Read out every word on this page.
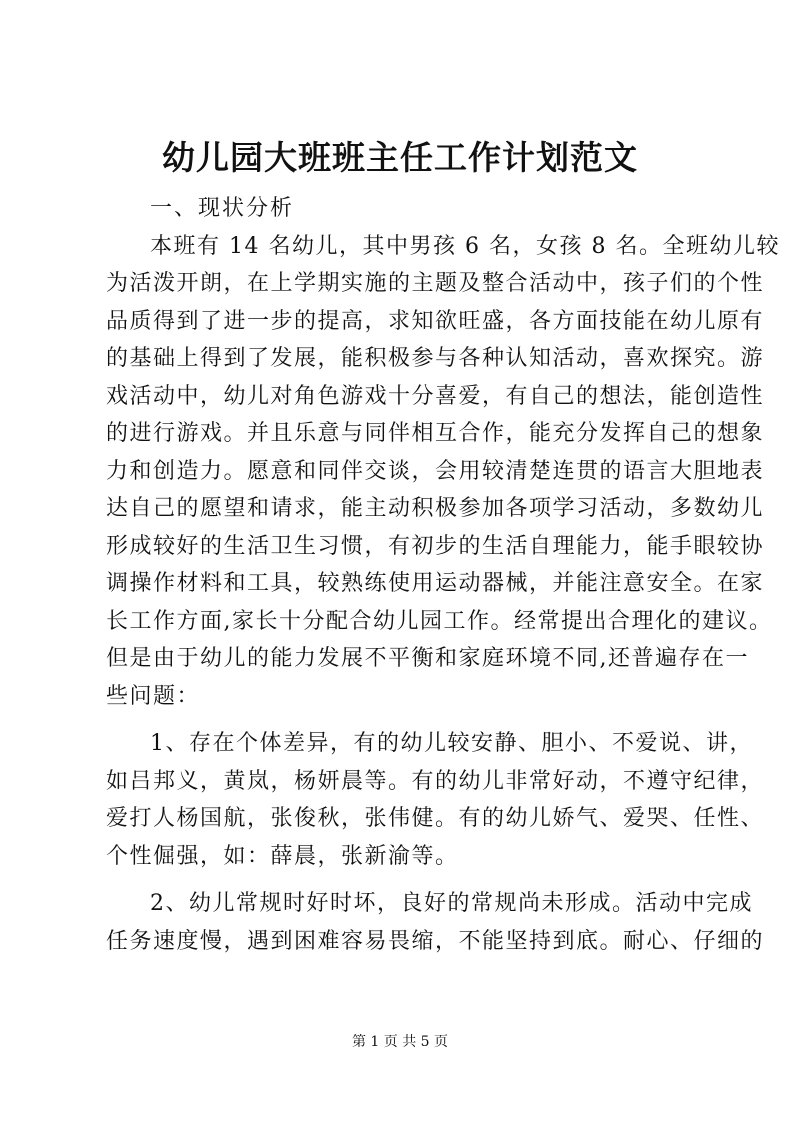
幼儿园大班班主任工作计划范文
一、现状分析
本班有 14 名幼儿，其中男孩 6 名，女孩 8 名。全班幼儿较
为活泼开朗，在上学期实施的主题及整合活动中，孩子们的个性
品质得到了进一步的提高，求知欲旺盛，各方面技能在幼儿原有
的基础上得到了发展，能积极参与各种认知活动，喜欢探究。游
戏活动中，幼儿对角色游戏十分喜爱，有自己的想法，能创造性
的进行游戏。并且乐意与同伴相互合作，能充分发挥自己的想象
力和创造力。愿意和同伴交谈，会用较清楚连贯的语言大胆地表
达自己的愿望和请求，能主动积极参加各项学习活动，多数幼儿
形成较好的生活卫生习惯，有初步的生活自理能力，能手眼较协
调操作材料和工具，较熟练使用运动器械，并能注意安全。在家
长工作方面,家长十分配合幼儿园工作。经常提出合理化的建议。
但是由于幼儿的能力发展不平衡和家庭环境不同,还普遍存在一
些问题：
1、存在个体差异，有的幼儿较安静、胆小、不爱说、讲，
如吕邦义，黄岚，杨妍晨等。有的幼儿非常好动，不遵守纪律，
爱打人杨国航，张俊秋，张伟健。有的幼儿娇气、爱哭、任性、
个性倔强，如：薛晨，张新渝等。
2、幼儿常规时好时坏，良好的常规尚未形成。活动中完成
任务速度慢，遇到困难容易畏缩，不能坚持到底。耐心、仔细的
第 1 页 共 5 页
